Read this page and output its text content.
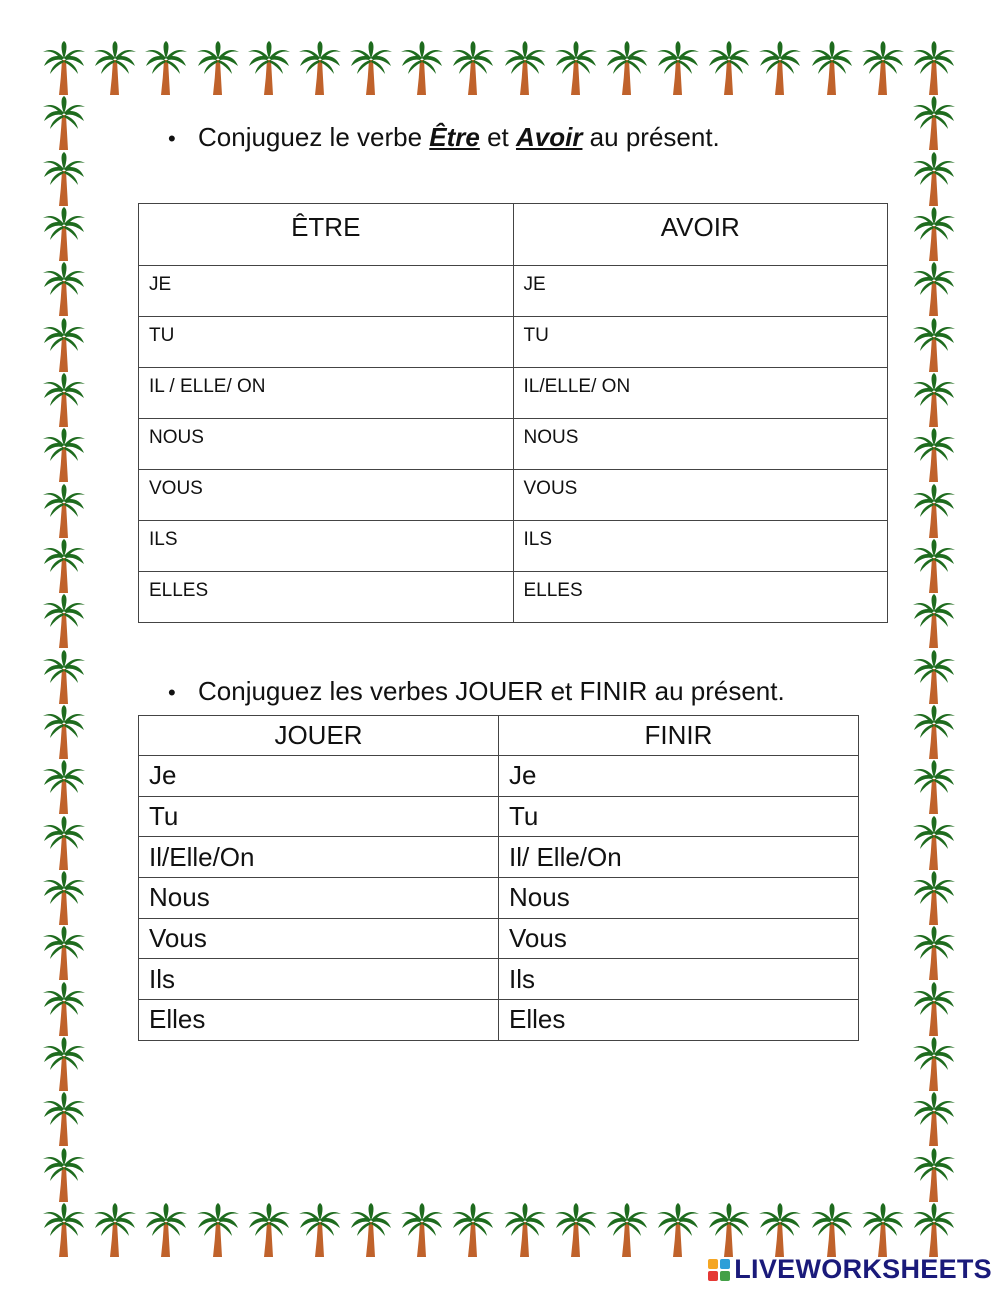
• Conjuguez le verbe Être et Avoir au présent.
ÊTRE	AVOIR
JE	JE
TU	TU
IL / ELLE/ ON	IL/ELLE/ ON
NOUS	NOUS
VOUS	VOUS
ILS	ILS
ELLES	ELLES
• Conjuguez les verbes JOUER et FINIR au présent.
JOUER	FINIR
Je	Je
Tu	Tu
Il/Elle/On	Il/ Elle/On
Nous	Nous
Vous	Vous
Ils	Ils
Elles	Elles
LIVEWORKSHEETS
